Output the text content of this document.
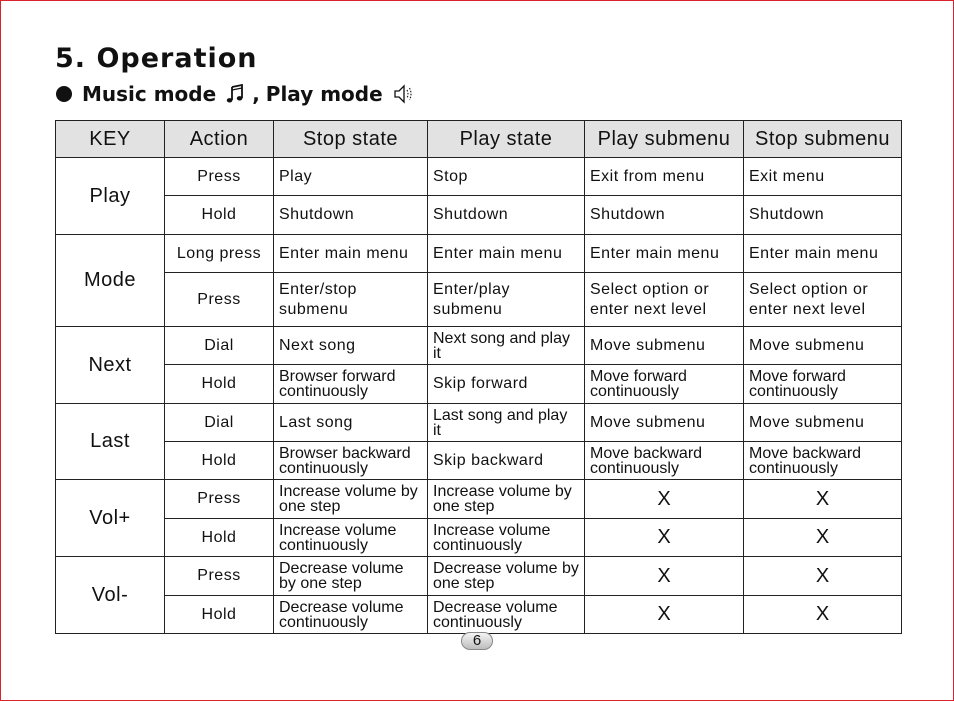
5. Operation
Music mode , Play mode
KEY	Action	Stop state	Play state	Play submenu	Stop submenu
Play	Press	Play	Stop	Exit from menu	Exit menu
	Hold	Shutdown	Shutdown	Shutdown	Shutdown
Mode	Long press	Enter main menu	Enter main menu	Enter main menu	Enter main menu
	Press	Enter/stop submenu	Enter/play submenu	Select option or enter next level	Select option or enter next level
Next	Dial	Next song	Next song and play it	Move submenu	Move submenu
	Hold	Browser forward continuously	Skip forward	Move forward continuously	Move forward continuously
Last	Dial	Last song	Last song and play it	Move submenu	Move submenu
	Hold	Browser backward continuously	Skip backward	Move backward continuously	Move backward continuously
Vol+	Press	Increase volume by one step	Increase volume by one step	X	X
	Hold	Increase volume continuously	Increase volume continuously	X	X
Vol-	Press	Decrease volume by one step	Decrease volume by one step	X	X
	Hold	Decrease volume continuously	Decrease volume continuously	X	X
6
